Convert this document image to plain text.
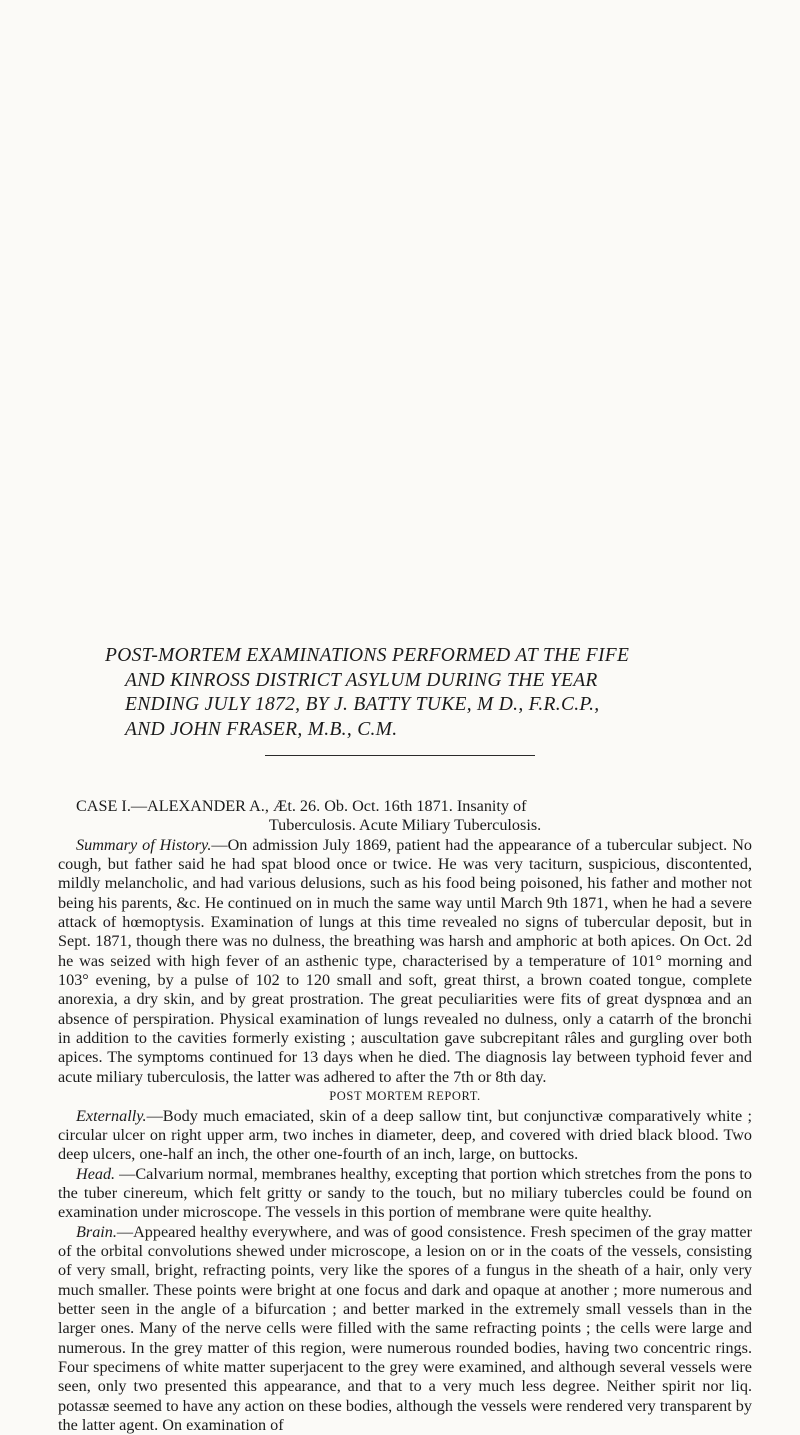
POST-MORTEM EXAMINATIONS PERFORMED AT THE FIFE
AND KINROSS DISTRICT ASYLUM DURING THE YEAR
ENDING JULY 1872, BY J. BATTY TUKE, M D., F.R.C.P.,
AND JOHN FRASER, M.B., C.M.

CASE I.—ALEXANDER A., Æt. 26. Ob. Oct. 16th 1871. Insanity of

Tuberculosis. Acute Miliary Tuberculosis.

Summary of History.—On admission July 1869, patient had the appearance of a tubercular subject. No cough, but father said he had spat blood once or twice. He was very taciturn, suspicious, discontented, mildly melancholic, and had various delusions, such as his food being poisoned, his father and mother not being his parents, &c. He continued on in much the same way until March 9th 1871, when he had a severe attack of hœmoptysis. Examination of lungs at this time revealed no signs of tubercular deposit, but in Sept. 1871, though there was no dulness, the breathing was harsh and amphoric at both apices. On Oct. 2d he was seized with high fever of an asthenic type, characterised by a temperature of 101° morning and 103° evening, by a pulse of 102 to 120 small and soft, great thirst, a brown coated tongue, complete anorexia, a dry skin, and by great prostration. The great peculiarities were fits of great dyspnœa and an absence of perspiration. Physical examination of lungs revealed no dulness, only a catarrh of the bronchi in addition to the cavities formerly existing ; auscultation gave subcrepitant râles and gurgling over both apices. The symptoms continued for 13 days when he died. The diagnosis lay between typhoid fever and acute miliary tuberculosis, the latter was adhered to after the 7th or 8th day.

POST MORTEM REPORT.

Externally.—Body much emaciated, skin of a deep sallow tint, but conjunctivæ comparatively white ; circular ulcer on right upper arm, two inches in diameter, deep, and covered with dried black blood. Two deep ulcers, one-half an inch, the other one-fourth of an inch, large, on buttocks.

Head. —Calvarium normal, membranes healthy, excepting that portion which stretches from the pons to the tuber cinereum, which felt gritty or sandy to the touch, but no miliary tubercles could be found on examination under microscope. The vessels in this portion of membrane were quite healthy.

Brain.—Appeared healthy everywhere, and was of good consistence. Fresh specimen of the gray matter of the orbital convolutions shewed under microscope, a lesion on or in the coats of the vessels, consisting of very small, bright, refracting points, very like the spores of a fungus in the sheath of a hair, only very much smaller. These points were bright at one focus and dark and opaque at another ; more numerous and better seen in the angle of a bifurcation ; and better marked in the extremely small vessels than in the larger ones. Many of the nerve cells were filled with the same refracting points ; the cells were large and numerous. In the grey matter of this region, were numerous rounded bodies, having two concentric rings. Four specimens of white matter superjacent to the grey were examined, and although several vessels were seen, only two presented this appearance, and that to a very much less degree. Neither spirit nor liq. potassæ seemed to have any action on these bodies, although the vessels were rendered very transparent by the latter agent. On examination of
